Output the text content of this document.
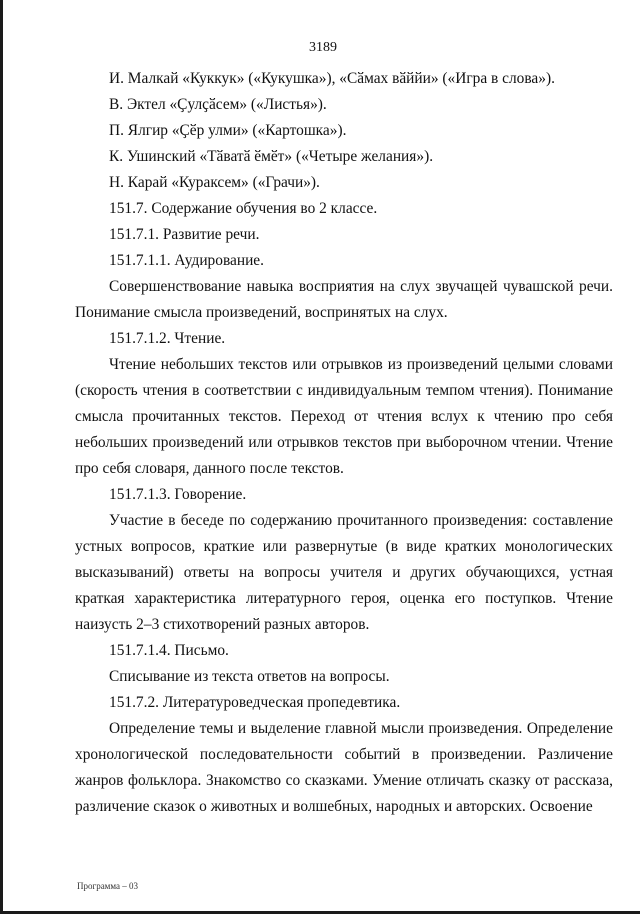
3189

И. Малкай «Куккук» («Кукушка»), «Сӑмах вӑййи» («Игра в слова»).

В. Эктел «Ҫулҫӑсем» («Листья»).

П. Ялгир «Ҫӗр улми» («Картошка»).

К. Ушинский «Тӑватӑ ӗмӗт» («Четыре желания»).

Н. Карай «Кураксем» («Грачи»).

151.7. Содержание обучения во 2 классе.

151.7.1. Развитие речи.

151.7.1.1. Аудирование.

Совершенствование навыка восприятия на слух звучащей чувашской речи. Понимание смысла произведений, воспринятых на слух.

151.7.1.2. Чтение.

Чтение небольших текстов или отрывков из произведений целыми словами (скорость чтения в соответствии с индивидуальным темпом чтения). Понимание смысла прочитанных текстов. Переход от чтения вслух к чтению про себя небольших произведений или отрывков текстов при выборочном чтении. Чтение про себя словаря, данного после текстов.

151.7.1.3. Говорение.

Участие в беседе по содержанию прочитанного произведения: составление устных вопросов, краткие или развернутые (в виде кратких монологических высказываний) ответы на вопросы учителя и других обучающихся, устная краткая характеристика литературного героя, оценка его поступков. Чтение наизусть 2–3 стихотворений разных авторов.

151.7.1.4. Письмо.

Списывание из текста ответов на вопросы.

151.7.2. Литературоведческая пропедевтика.

Определение темы и выделение главной мысли произведения. Определение хронологической последовательности событий в произведении. Различение жанров фольклора. Знакомство со сказками. Умение отличать сказку от рассказа, различение сказок о животных и волшебных, народных и авторских. Освоение

Программа – 03
